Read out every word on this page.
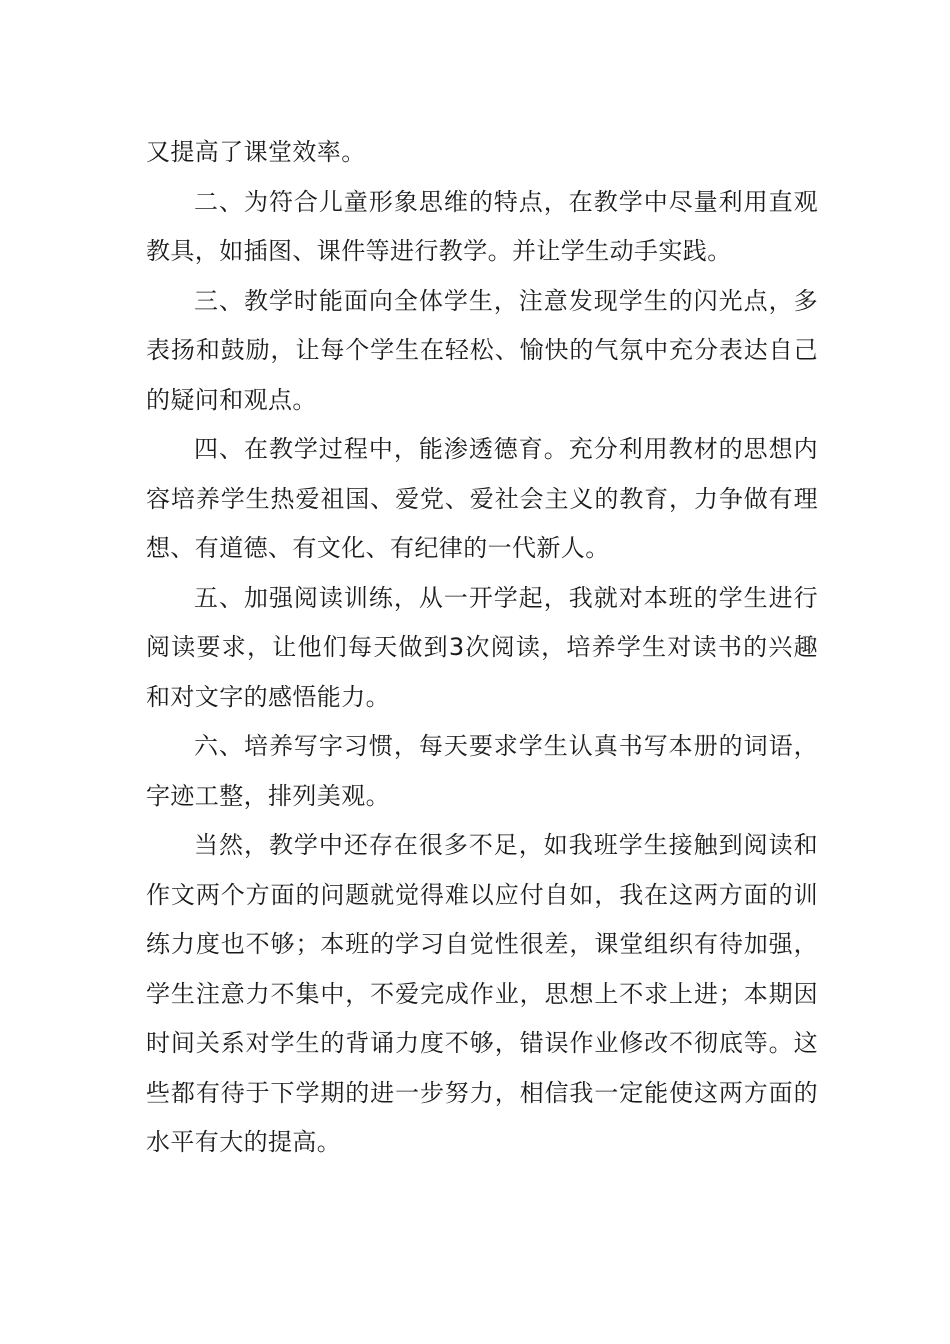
又提高了课堂效率。

二、为符合儿童形象思维的特点，在教学中尽量利用直观教具，如插图、课件等进行教学。并让学生动手实践。

三、教学时能面向全体学生，注意发现学生的闪光点，多表扬和鼓励，让每个学生在轻松、愉快的气氛中充分表达自己的疑问和观点。

四、在教学过程中，能渗透德育。充分利用教材的思想内容培养学生热爱祖国、爱党、爱社会主义的教育，力争做有理想、有道德、有文化、有纪律的一代新人。

五、加强阅读训练，从一开学起，我就对本班的学生进行阅读要求，让他们每天做到3次阅读，培养学生对读书的兴趣和对文字的感悟能力。

六、培养写字习惯，每天要求学生认真书写本册的词语，字迹工整，排列美观。

当然，教学中还存在很多不足，如我班学生接触到阅读和作文两个方面的问题就觉得难以应付自如，我在这两方面的训练力度也不够；本班的学习自觉性很差，课堂组织有待加强，学生注意力不集中，不爱完成作业，思想上不求上进；本期因时间关系对学生的背诵力度不够，错误作业修改不彻底等。这些都有待于下学期的进一步努力，相信我一定能使这两方面的水平有大的提高。
